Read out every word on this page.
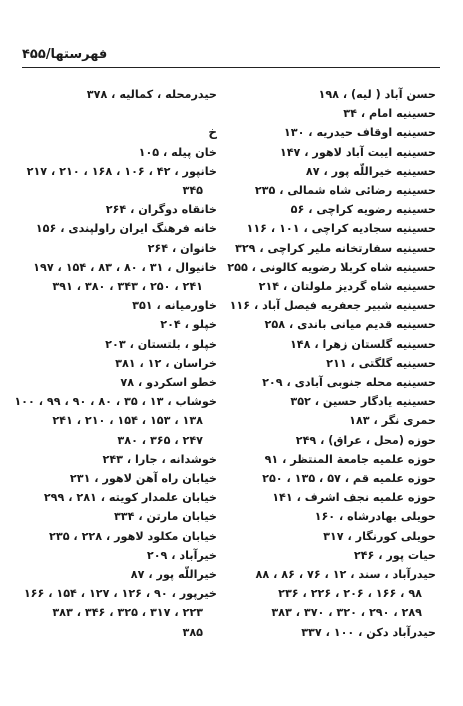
فهرستها/۴۵۵
حسن آباد ( لیه) ، ۱۹۸
حسینیه امام ، ۳۴
حسینیه اوقاف حیدریه ، ۱۳۰
حسینیه ایبت آباد لاهور ، ۱۴۷
حسینیه خیراللّه پور ، ۸۷
حسینیه رضائی شاه شمالی ، ۲۳۵
حسینیه رضویه کراچی ، ۵۶
حسینیه سجادیه کراچی ، ۱۰۱ ، ۱۱۶
حسینیه سفارتخانه ملیر کراچی ، ۳۲۹
حسینیه شاه کربلا رضویه کالونی ، ۲۵۵
حسینیه شاه گردیز ملولتان ، ۲۱۴
حسینیه شبیر جعفریه فیصل آباد ، ۱۱۶
حسینیه قدیم میانی باندی ، ۲۵۸
حسینیه گلستان زهرا ، ۱۴۸
حسینیه گلگتی ، ۲۱۱
حسینیه محله جنوبی آبادی ، ۲۰۹
حسینیه یادگار حسین ، ۳۵۲
حمری نگر ، ۱۸۳
حوزه (محل ، عراق) ، ۲۴۹
حوزه علمیه جامعة المنتظر ، ۹۱
حوزه علمیه قم ، ۵۷ ، ۱۳۵ ، ۲۵۰
حوزه علمیه نجف اشرف ، ۱۴۱
حویلی بهادرشاه ، ۱۶۰
حویلی کورنگار ، ۳۱۷
حیات پور ، ۲۴۶
حیدرآباد ، سند ، ۱۲ ، ۷۶ ، ۸۶ ، ۸۸
۹۸ ، ۱۶۶ ، ۲۰۶ ، ۲۲۶ ، ۲۳۶
۲۸۹ ، ۲۹۰ ، ۳۲۰ ، ۳۷۰ ، ۳۸۳
حیدرآباد دکن ، ۱۰۰ ، ۳۳۷
حیدرمحله ، کمالیه ، ۳۷۸

خ
خان پیله ، ۱۰۵
خانپور ، ۴۲ ، ۱۰۶ ، ۱۶۸ ، ۲۱۰ ، ۲۱۷
۳۴۵
خانقاه دوگران ، ۲۶۴
خانه فرهنگ ایران راولپندی ، ۱۵۶
خانوان ، ۲۶۴
خانیوال ، ۳۱ ، ۸۰ ، ۸۳ ، ۱۵۴ ، ۱۹۷
۲۴۱ ، ۲۵۰ ، ۳۴۳ ، ۳۸۰ ، ۳۹۱
خاورمیانه ، ۳۵۱
خپلو ، ۲۰۴
خپلو ، بلتستان ، ۲۰۳
خراسان ، ۱۲ ، ۳۸۱
خطو اسکردو ، ۷۸
خوشاب ، ۱۳ ، ۳۵ ، ۸۰ ، ۹۰ ، ۹۹ ، ۱۰۰
۱۳۸ ، ۱۵۳ ، ۱۵۴ ، ۲۱۰ ، ۲۴۱
۲۴۷ ، ۳۶۵ ، ۳۸۰
خوشدانه ، جارا ، ۲۴۳
خیابان راه آهن لاهور ، ۲۳۱
خیابان علمدار کویته ، ۲۸۱ ، ۲۹۹
خیابان مارتن ، ۳۳۴
خیابان مکلود لاهور ، ۲۲۸ ، ۲۳۵
خیرآباد ، ۲۰۹
خیراللّه پور ، ۸۷
خیرپور ، ۹۰ ، ۱۲۶ ، ۱۲۷ ، ۱۵۴ ، ۱۶۶
۲۲۳ ، ۳۱۷ ، ۳۲۵ ، ۳۴۶ ، ۳۸۳
۳۸۵
